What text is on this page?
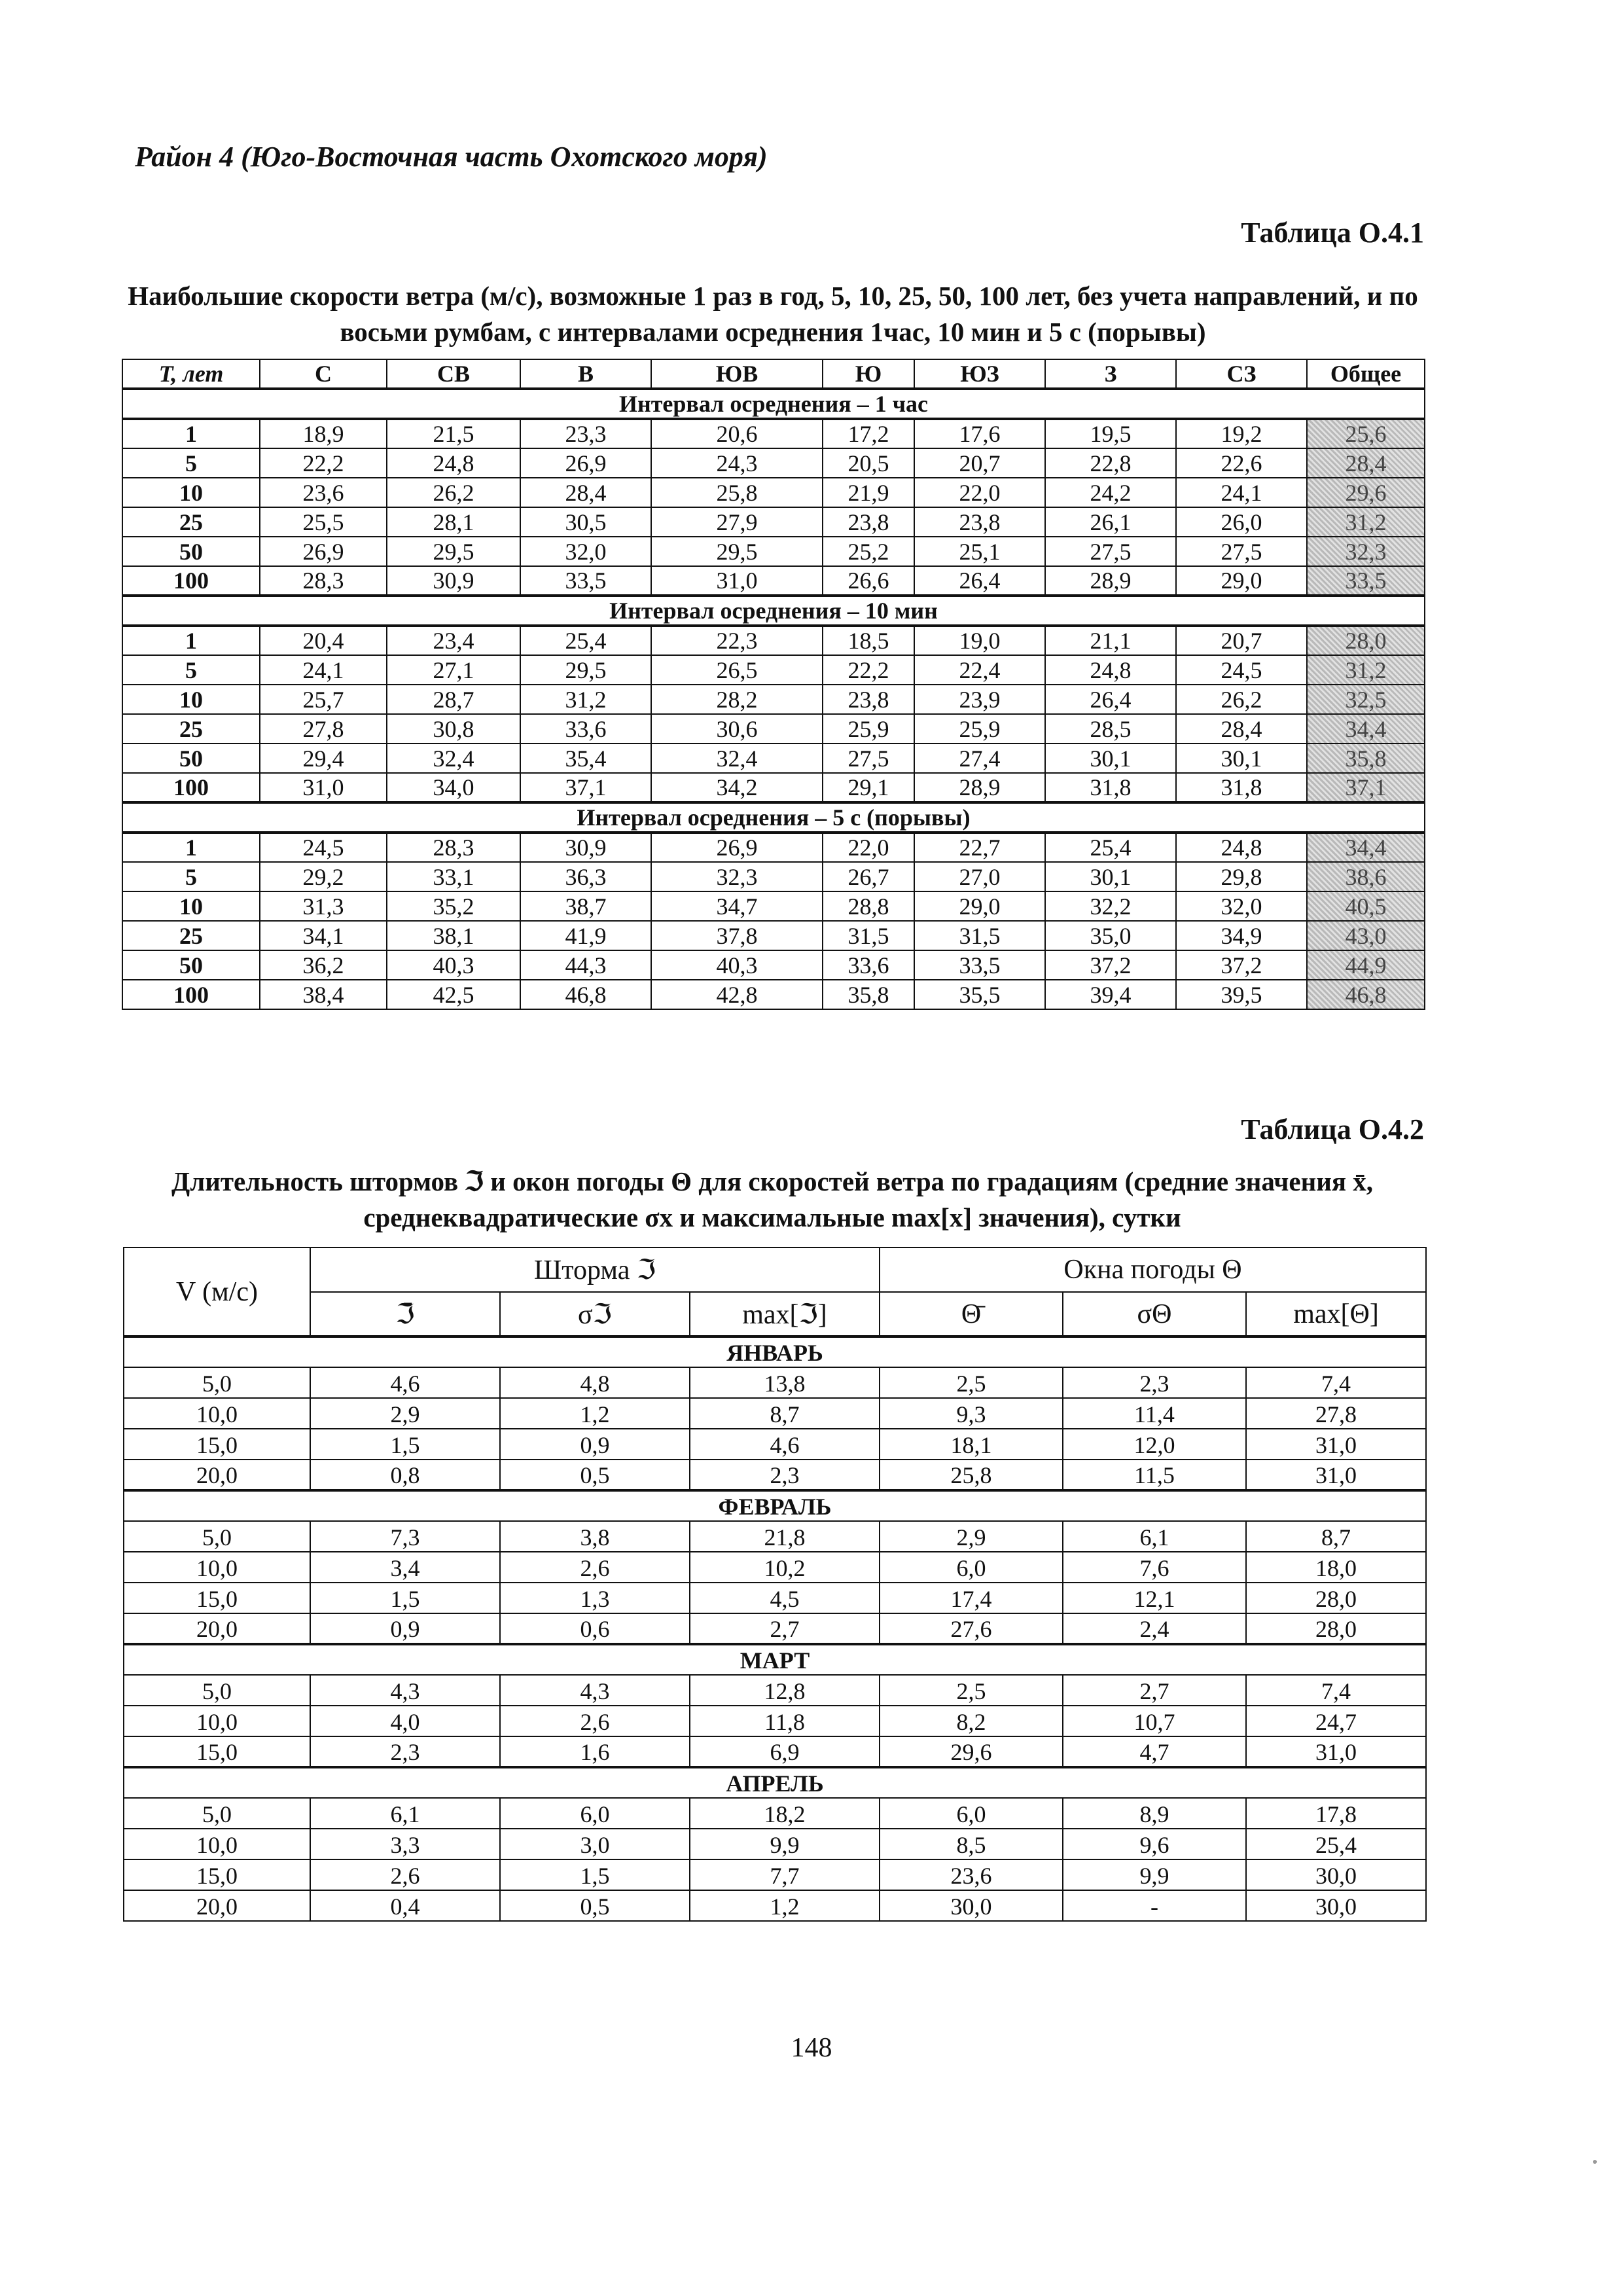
Район 4 (Юго-Восточная часть Охотского моря)
Таблица О.4.1
Наибольшие скорости ветра (м/с), возможные 1 раз в год, 5, 10, 25, 50, 100 лет, без учета направлений, и по восьми румбам, с интервалами осреднения 1час, 10 мин и 5 с (порывы)
T, лет	С	СВ	В	ЮВ	Ю	ЮЗ	З	СЗ	Общее
Интервал осреднения – 1 час									
1	18,9	21,5	23,3	20,6	17,2	17,6	19,5	19,2	25,6
5	22,2	24,8	26,9	24,3	20,5	20,7	22,8	22,6	28,4
10	23,6	26,2	28,4	25,8	21,9	22,0	24,2	24,1	29,6
25	25,5	28,1	30,5	27,9	23,8	23,8	26,1	26,0	31,2
50	26,9	29,5	32,0	29,5	25,2	25,1	27,5	27,5	32,3
100	28,3	30,9	33,5	31,0	26,6	26,4	28,9	29,0	33,5
Интервал осреднения – 10 мин									
1	20,4	23,4	25,4	22,3	18,5	19,0	21,1	20,7	28,0
5	24,1	27,1	29,5	26,5	22,2	22,4	24,8	24,5	31,2
10	25,7	28,7	31,2	28,2	23,8	23,9	26,4	26,2	32,5
25	27,8	30,8	33,6	30,6	25,9	25,9	28,5	28,4	34,4
50	29,4	32,4	35,4	32,4	27,5	27,4	30,1	30,1	35,8
100	31,0	34,0	37,1	34,2	29,1	28,9	31,8	31,8	37,1
Интервал осреднения – 5 с (порывы)									
1	24,5	28,3	30,9	26,9	22,0	22,7	25,4	24,8	34,4
5	29,2	33,1	36,3	32,3	26,7	27,0	30,1	29,8	38,6
10	31,3	35,2	38,7	34,7	28,8	29,0	32,2	32,0	40,5
25	34,1	38,1	41,9	37,8	31,5	31,5	35,0	34,9	43,0
50	36,2	40,3	44,3	40,3	33,6	33,5	37,2	37,2	44,9
100	38,4	42,5	46,8	42,8	35,8	35,5	39,4	39,5	46,8
Таблица О.4.2
Длительность штормов ℑ и окон погоды Θ для скоростей ветра по градациям (средние значения x̄, среднеквадратические σx и максимальные max[x] значения), сутки
V (м/с)	Шторма ℑ			Окна погоды Θ		
	ℑ̄	σℑ	max[ℑ]	Θ̄	σΘ	max[Θ]
ЯНВАРЬ						
5,0	4,6	4,8	13,8	2,5	2,3	7,4
10,0	2,9	1,2	8,7	9,3	11,4	27,8
15,0	1,5	0,9	4,6	18,1	12,0	31,0
20,0	0,8	0,5	2,3	25,8	11,5	31,0
ФЕВРАЛЬ						
5,0	7,3	3,8	21,8	2,9	6,1	8,7
10,0	3,4	2,6	10,2	6,0	7,6	18,0
15,0	1,5	1,3	4,5	17,4	12,1	28,0
20,0	0,9	0,6	2,7	27,6	2,4	28,0
МАРТ						
5,0	4,3	4,3	12,8	2,5	2,7	7,4
10,0	4,0	2,6	11,8	8,2	10,7	24,7
15,0	2,3	1,6	6,9	29,6	4,7	31,0
АПРЕЛЬ						
5,0	6,1	6,0	18,2	6,0	8,9	17,8
10,0	3,3	3,0	9,9	8,5	9,6	25,4
15,0	2,6	1,5	7,7	23,6	9,9	30,0
20,0	0,4	0,5	1,2	30,0	-	30,0
148
